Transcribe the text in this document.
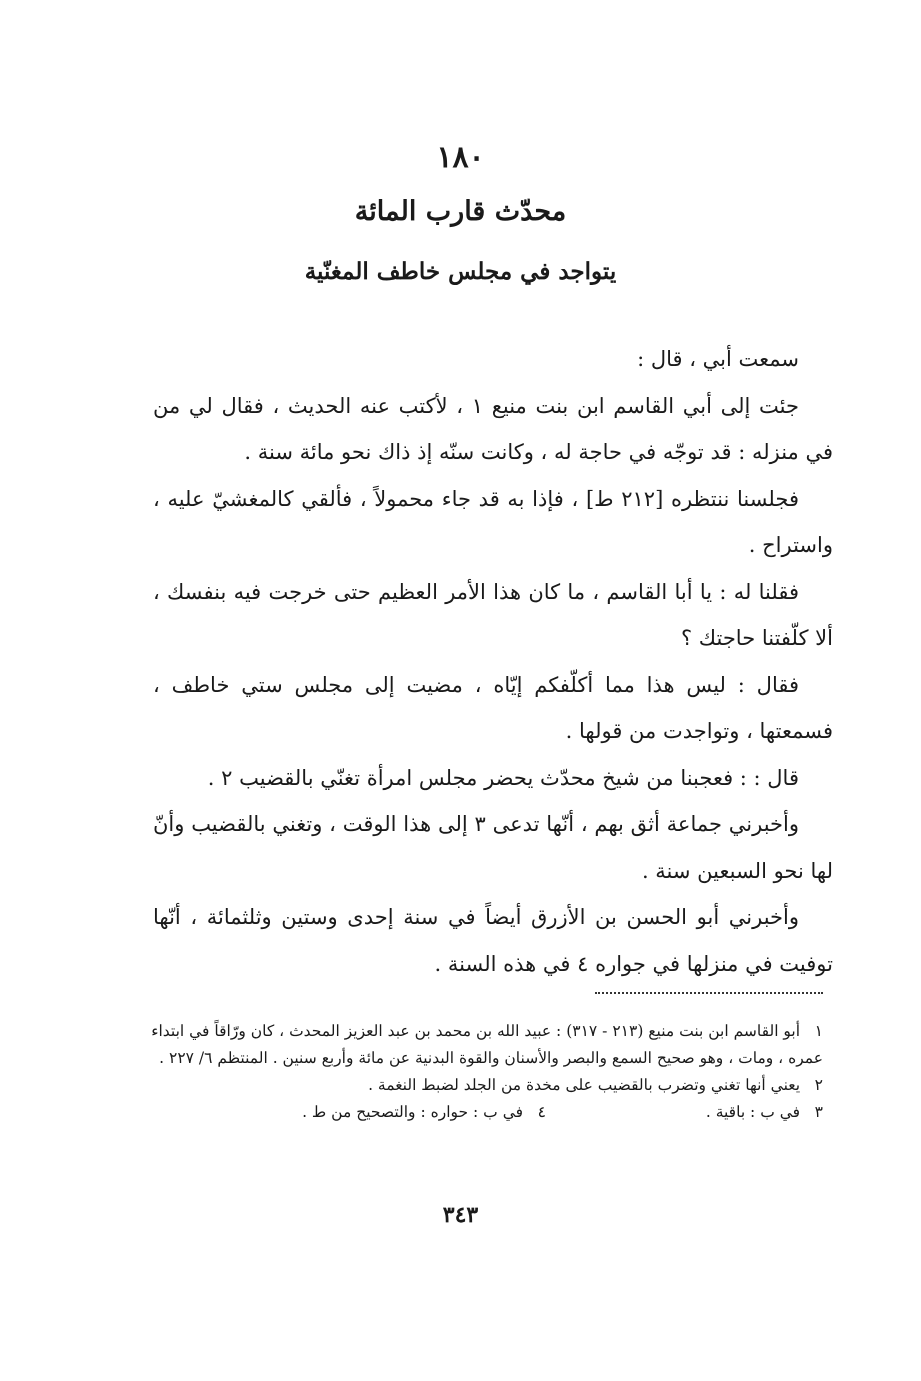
١٨٠
محدّث قارب المائة
يتواجد في مجلس خاطف المغنّية

سمعت أبي ، قال :

جئت إلى أبي القاسم ابن بنت منيع ١ ، لأكتب عنه الحديث ، فقال لي من في منزله : قد توجّه في حاجة له ، وكانت سنّه إذ ذاك نحو مائة سنة .

فجلسنا ننتظره [٢١٢ ط] ، فإذا به قد جاء محمولاً ، فألقي كالمغشيّ عليه ، واستراح .

فقلنا له : يا أبا القاسم ، ما كان هذا الأمر العظيم حتى خرجت فيه بنفسك ، ألا كلّفتنا حاجتك ؟

فقال : ليس هذا مما أكلّفكم إيّاه ، مضيت إلى مجلس ستي خاطف ، فسمعتها ، وتواجدت من قولها .

قال : : فعجبنا من شيخ محدّث يحضر مجلس امرأة تغنّي بالقضيب ٢ .

وأخبرني جماعة أثق بهم ، أنّها تدعى ٣ إلى هذا الوقت ، وتغني بالقضيب وأنّ لها نحو السبعين سنة .

وأخبرني أبو الحسن بن الأزرق أيضاً في سنة إحدى وستين وثلثمائة ، أنّها توفيت في منزلها في جواره ٤ في هذه السنة .

١ أبو القاسم ابن بنت منيع (٢١٣ - ٣١٧) : عبيد الله بن محمد بن عبد العزيز المحدث ، كان ورّاقاً في ابتداء عمره ، ومات ، وهو صحيح السمع والبصر والأسنان والقوة البدنية عن مائة وأربع سنين . المنتظم ٦/ ٢٢٧ .

٢ يعني أنها تغني وتضرب بالقضيب على مخدة من الجلد لضبط النغمة .

٣ في ب : باقية .  ٤ في ب : حواره : والتصحيح من ط .

٣٤٣
